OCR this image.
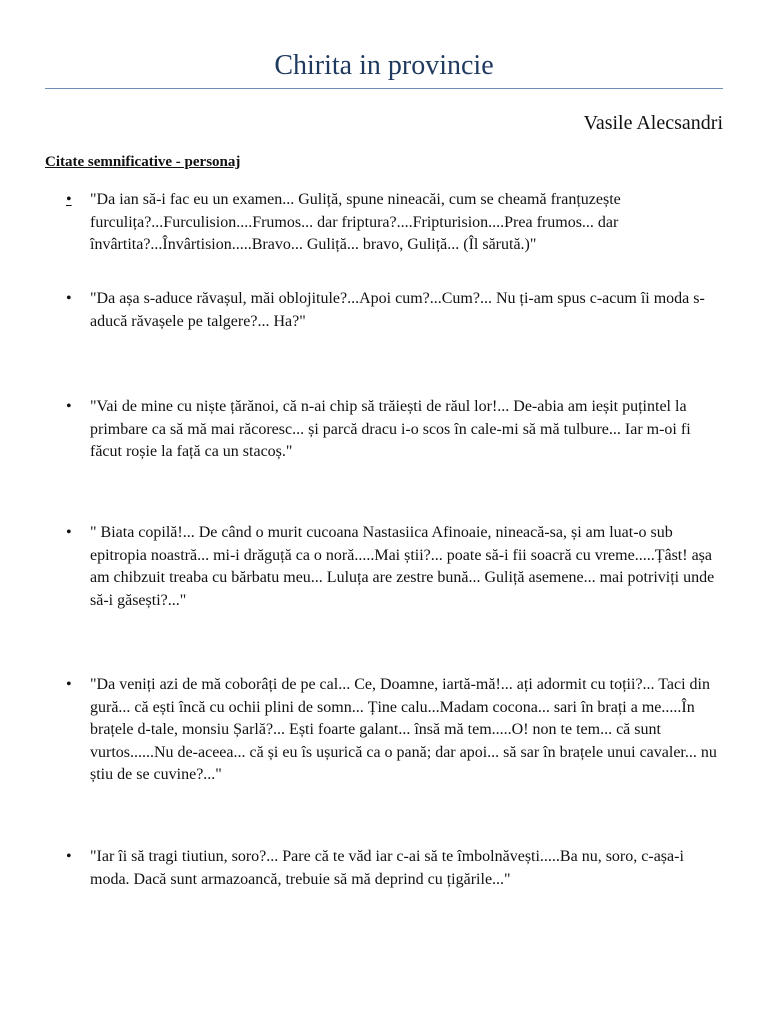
Chirita in provincie
Vasile Alecsandri
Citate semnificative - personaj
•	"Da ian să-i fac eu un examen... Guliță, spune nineacăi, cum se cheamă franțuzește furculița?...Furculision....Frumos... dar friptura?....Fripturision....Prea frumos... dar învârtita?...Învârtision.....Bravo... Guliță... bravo, Guliță... (Îl sărută.)"
•	"Da așa s-aduce răvașul, măi oblojitule?...Apoi cum?...Cum?... Nu ți-am spus c-acum îi moda s-aducă răvașele pe talgere?... Ha?"
•	"Vai de mine cu niște țărănoi, că n-ai chip să trăiești de răul lor!... De-abia am ieșit puțintel la primbare ca să mă mai răcoresc... și parcă dracu i-o scos în cale-mi să mă tulbure... Iar m-oi fi făcut roșie la față ca un stacoș."
•	" Biata copilă!... De când o murit cucoana Nastasiica Afinoaie, nineacă-sa, și am luat-o sub epitropia noastră... mi-i drăguță ca o noră.....Mai știi?... poate să-i fii soacră cu vreme.....Țâst! așa am chibzuit treaba cu bărbatu meu... Luluța are zestre bună... Guliță asemene... mai potriviți unde să-i găsești?..."
•	"Da veniți azi de mă coborâți de pe cal... Ce, Doamne, iartă-mă!... ați adormit cu toții?... Taci din gură... că ești încă cu ochii plini de somn... Ține calu...Madam cocona... sari în brați a me.....În brațele d-tale, monsiu Șarlă?... Ești foarte galant... însă mă tem.....O! non te tem... că sunt vurtos......Nu de-aceea... că și eu îs ușurică ca o pană; dar apoi... să sar în brațele unui cavaler... nu știu de se cuvine?..."
•	"Iar îi să tragi tiutiun, soro?... Pare că te văd iar c-ai să te îmbolnăvești.....Ba nu, soro, c-așa-i moda. Dacă sunt armazoancă, trebuie să mă deprind cu țigările..."
